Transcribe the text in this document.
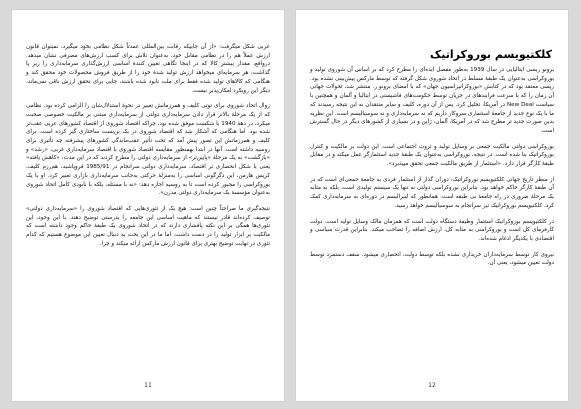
عربی شکل میگرفت: «از آن جاییکه رقابت بین‌المللی عمدتاً شکل نظامی بخود میگیرد، نمیتوان قانون ارزش عملاً هم را در نظامی مقابل خود، به‌عنوان تلاش برای کسب ارزش‌های مصرفی نشان میدهد. درواقع، مقدار بیشتر کالا که در اینجا نگاهی تعیین کنندهٔ اساسی ارزش‌گذاری سرمایه‌داری را زیر پا گذاشت، هر سرمایه‌ای میخواهد ارزش تولید شدهٔ خود را از طریق فروش محصولات خود محقق کند و هنگامی که کالاهای تولید شده فقط برای ملت نابود شده باشند، جایی برای تحقق ارزش باقی نمی‌ماند، دیگر این رویکرد امکان‌پذیر نیست.

زوال اتحاد شوروی برای توتی کلیف و همرزمانش تغییر در نحوهٔ استدلال‌شان را الزامی کرده بود. نظامی که از یک مرحلهٔ بالاتر قرار دادن سرمایه‌داری دولتی از سرمایه‌داری مبتنی بر مالکیت خصوصی صحبت میکرد، در دههٔ 1940 با شکست موفق شده بود، چراکه اقتصاد شوروی از اقتصاد کشورهای عربی عقب‌تر شده بود. اما هنگامی که آشکار شد که اقتصاد شوروی در یک بن‌بست ساختاری گیر کرده است، برای کلیف و همرزمانش این تصور پیش آمد که تحت تأثیر عقب‌ماندگی کشورهای پیشرفته چه تأثیری برای روسیه داشته است. آنها در ابتدا بهمنظور مقایسه اقتصاد شوروی با اقتصاد سرمایه‌داری غربی، «رشد» و «بازگشت» به یک مرحلهٔ «پایین‌تر» از سرمایه‌داری دولتی را مطرح کردند که در این مدت، «کاهش یافته» یعنی با شکل انحصاری تر اقتصاد، سرمایه‌داری دولتی سرانجام در 1985/91 فروپاشید، هم‌رزم کلیف، کریس هارمن، این دگرگونی اساسی را به‌منزلهٔ حرکتی به‌جانب سرمایه‌داری بازاری تعبیر کرد. او با یک بوروکراسی را مجبور کرده است تا به روسیه اجازه دهد: «نه با مسئله، بلکه با نابودی کامل اتحاد شوروی به‌عنوان مؤسسهٔ یک سرمایه‌داری دولتی مدرن».

نتیجه‌گیری ما صراحتاً چنین است: هیچ یک از تئوری‌هایی که اقتصاد شوروی را «سرمایه‌داری دولتی» توصیف کرده‌اند قادر نیستند که ماهیت اساسی این جامعه را بدرستی توضیح دهند. با این وجود، این تئوری‌ها همگی بر این نکته پافشاری دارند که در اتحاد شوروی یک طبقهٔ حاکم وجود داشته است که مالکیت بر ابزار تولید را در دست داشت. اما ما در این بحث به دنبال تعیین این موضوع هستیم که کدام تئوری در نهایت توضیح بهتری برای قانون ارزش مارکس ارائه میکند و چرا.

11
کلکتیویسم بوروکراتیک

برونو ریسی ایتالیایی در سال 1939 به‌طور مفصل ایده‌ای را مطرح کرد که بر اساس آن شوروی تولید و بوروکراسی به‌عنوان یک طبقهٔ مسلط در اتحاد شوروی شکل گرفته که توسط مارکس پیش‌بینی نشده بود. ریسی معتقد بود که در کتابش «بوروکراتیزاسیون جهان» که با امضای برونو ر. منتشر شد، تحولات جهانی آن زمان را که با سرعت فرایندهای در جریان توسط حکومت‌های فاشیستی در ایتالیا و آلمان و همچنین با سیاست New Deal در آمریکا، تحلیل کرد. پس از آن دوره، کلیف و سایر منتقدان به این نتیجه رسیدند که ما با یک نوع جدید از جامعهٔ استثماری سروکار داریم که نه سرمایه‌داری و نه سوسیالیسم است. این نظریه بدین صورت جدید تر مطرح شد که در آمریکا، آلمان، ژاپن و در بسیاری از کشورهای دیگر در حال گسترش است.

بوروکراسی دولتی مالکیت جمعی بر وسایل تولید و ثروت اجتماعی است. این دولت بر مالکیت و کنترل بوروکراتیک بنا شده است. در نتیجه، بوروکراسی به‌عنوان یک طبقهٔ جدید استثمارگر عمل میکند و در مقابل طبقهٔ کارگر قرار دارد. «استثمار از طریق مالکیت جمعی تحقق میپذیرد».

از منظر تاریخ جهانی کلکتیویسم بوروکراتیک، دوران گذار از استثمار فردی به جامعهٔ جمعی‌ای است که در آن طبقهٔ کارگر حاکم خواهد بود. بنابراین بوروکراسی دولتی نه تنها یک سیستم تولیدی است، بلکه به مثابه یک مرحلهٔ ضروری در راه جامعهٔ بی طبقه است. همانطور که لیبرالیسم در دوره‌ای به سرمایه‌داری کمک کرد، کلکتیویسم بوروکراتیک نیز سرانجام به سوسیالیسم خواهد رسید.

در کلکتیویسم بوروکراتیک استثمار وظیفهٔ دستگاه دولت است که همزمان مالک وسایل تولید است. دولت کارفرمای کل است و بوروکراسی به مثابه کل، ارزش اضافه را تصاحب میکند. بنابراین قدرت سیاسی و اقتصادی با یکدیگر ادغام شده‌اند.

نیروی کار توسط سرمایه‌داران خریداری نشده بلکه توسط دولت، انحصاری میشود. سقف دستمزد توسط دولت تعیین میشود، یعنی آن.

12
